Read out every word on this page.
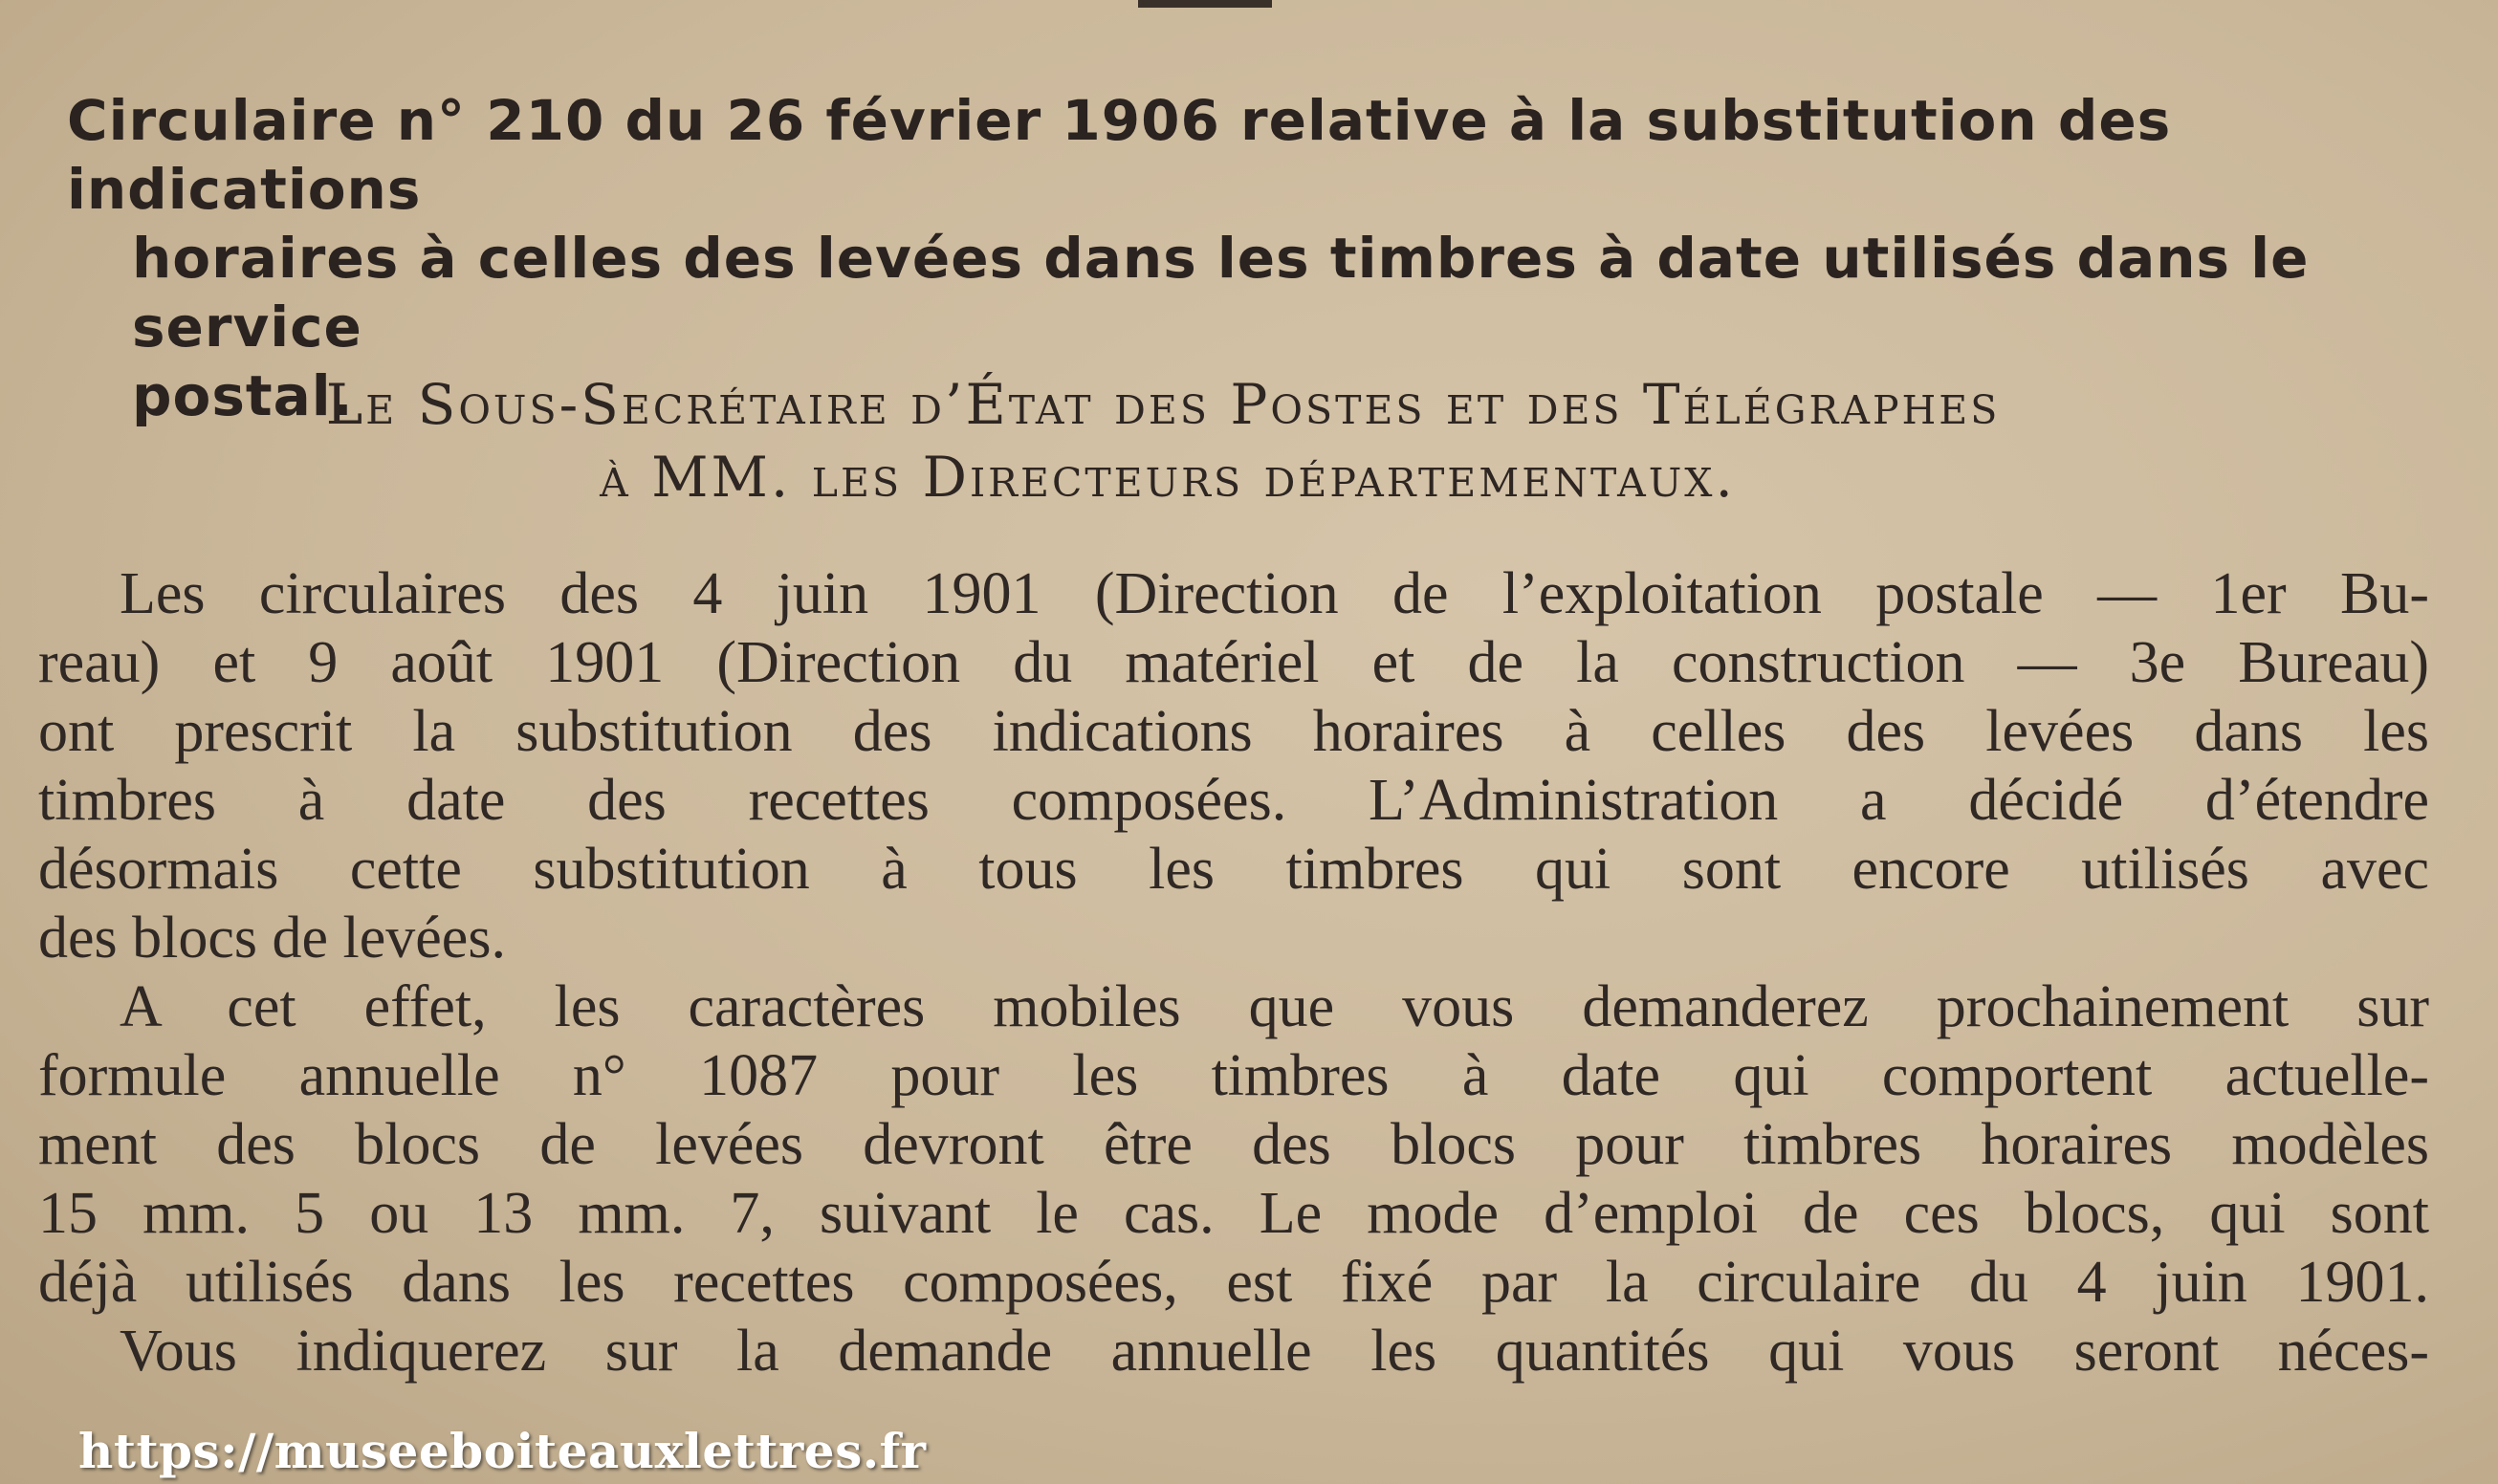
Circulaire n° 210 du 26 février 1906 relative à la substitution des indications
horaires à celles des levées dans les timbres à date utilisés dans le service
postal.
Le Sous-Secrétaire d’État des Postes et des Télégraphes
à MM. les Directeurs départementaux.
Les circulaires des 4 juin 1901 (Direction de l’exploitation postale — 1er Bu-
reau) et 9 août 1901 (Direction du matériel et de la construction — 3e Bureau)
ont prescrit la substitution des indications horaires à celles des levées dans les
timbres à date des recettes composées. L’Administration a décidé d’étendre
désormais cette substitution à tous les timbres qui sont encore utilisés avec
des blocs de levées.
A cet effet, les caractères mobiles que vous demanderez prochainement sur
formule annuelle n° 1087 pour les timbres à date qui comportent actuelle-
ment des blocs de levées devront être des blocs pour timbres horaires modèles
15 mm. 5 ou 13 mm. 7, suivant le cas. Le mode d’emploi de ces blocs, qui sont
déjà utilisés dans les recettes composées, est fixé par la circulaire du 4 juin 1901.
Vous indiquerez sur la demande annuelle les quantités qui vous seront néces-
https://museeboiteauxlettres.fr
